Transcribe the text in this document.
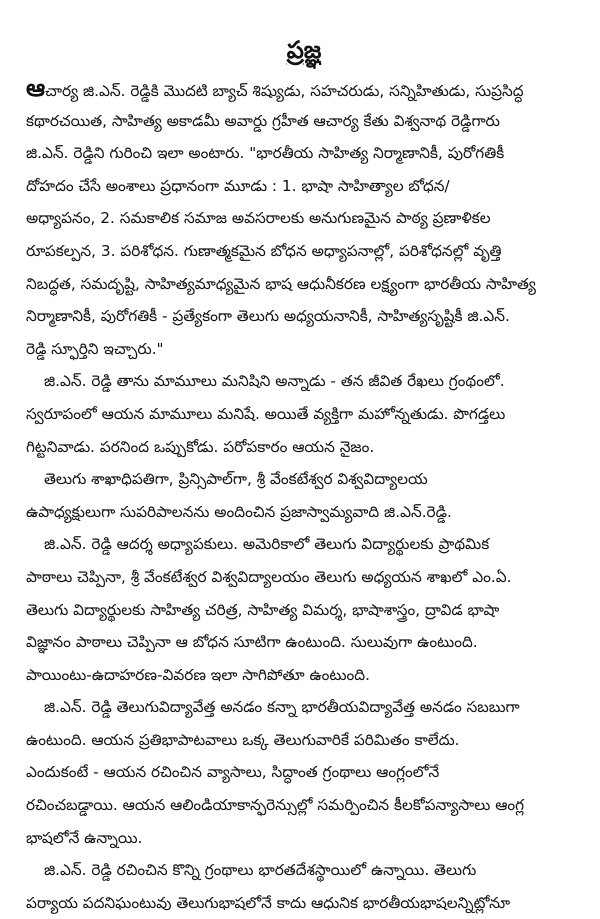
ప్రజ్ఞ
ఆచార్య జి.ఎన్. రెడ్డికి మొదటి బ్యాచ్ శిష్యుడు, సహచరుడు, సన్నిహితుడు, సుప్రసిద్ధ
కథారచయిత, సాహిత్య అకాడమీ అవార్డు గ్రహీత ఆచార్య కేతు విశ్వనాథ రెడ్డిగారు
జి.ఎన్. రెడ్డిని గురించి ఇలా అంటారు. "భారతీయ సాహిత్య నిర్మాణానికీ, పురోగతికీ
దోహదం చేసే అంశాలు ప్రధానంగా మూడు : 1. భాషా సాహిత్యాల బోధన/
అధ్యాపనం, 2. సమకాలిక సమాజ అవసరాలకు అనుగుణమైన పాఠ్య ప్రణాళికల
రూపకల్పన, 3. పరిశోధన. గుణాత్మకమైన బోధన అధ్యాపనాల్లో, పరిశోధనల్లో వృత్తి
నిబద్ధత, సమదృష్టి, సాహిత్యమాధ్యమైన భాష ఆధునీకరణ లక్ష్యంగా భారతీయ సాహిత్య
నిర్మాణానికీ, పురోగతికీ - ప్రత్యేకంగా తెలుగు అధ్యయనానికీ, సాహిత్యసృష్టికీ జి.ఎన్.
రెడ్డి స్ఫూర్తిని ఇచ్చారు."
జి.ఎన్. రెడ్డి తాను మామూలు మనిషిని అన్నాడు - తన జీవిత రేఖలు గ్రంథంలో.
స్వరూపంలో ఆయన మామూలు మనిషే. అయితే వ్యక్తిగా మహోన్నతుడు. పొగడ్తలు
గిట్టనివాడు. పరనింద ఒప్పుకోడు. పరోపకారం ఆయన నైజం.
తెలుగు శాఖాధిపతిగా, ప్రిన్సిపాల్‌గా, శ్రీ వేంకటేశ్వర విశ్వవిద్యాలయ
ఉపాధ్యక్షులుగా సుపరిపాలనను అందించిన ప్రజాస్వామ్యవాది జి.ఎన్.రెడ్డి.
జి.ఎన్. రెడ్డి ఆదర్శ అధ్యాపకులు. అమెరికాలో తెలుగు విద్యార్థులకు ప్రాథమిక
పాఠాలు చెప్పినా, శ్రీ వేంకటేశ్వర విశ్వవిద్యాలయం తెలుగు అధ్యయన శాఖలో ఎం.ఏ.
తెలుగు విద్యార్థులకు సాహిత్య చరిత్ర, సాహిత్య విమర్శ, భాషాశాస్త్రం, ద్రావిడ భాషా
విజ్ఞానం పాఠాలు చెప్పినా ఆ బోధన సూటిగా ఉంటుంది. సులువుగా ఉంటుంది.
పాయింటు-ఉదాహరణ-వివరణ ఇలా సాగిపోతూ ఉంటుంది.
జి.ఎన్. రెడ్డి తెలుగువిద్యావేత్త అనడం కన్నా భారతీయవిద్యావేత్త అనడం సబబుగా
ఉంటుంది. ఆయన ప్రతిభాపాటవాలు ఒక్క తెలుగువారికే పరిమితం కాలేదు.
ఎందుకంటే - ఆయన రచించిన వ్యాసాలు, సిద్ధాంత గ్రంథాలు ఆంగ్లంలోనే
రచించబడ్డాయి. ఆయన ఆలిండియాకాన్ఫరెన్సుల్లో సమర్పించిన కీలకోపన్యాసాలు ఆంగ్ల
భాషలోనే ఉన్నాయి.
జి.ఎన్. రెడ్డి రచించిన కొన్ని గ్రంథాలు భారతదేశస్థాయిలో ఉన్నాయి. తెలుగు
పర్యాయ పదనిఘంటువు తెలుగుభాషలోనే కాదు ఆధునిక భారతీయభాషలన్నిట్లోనూ
